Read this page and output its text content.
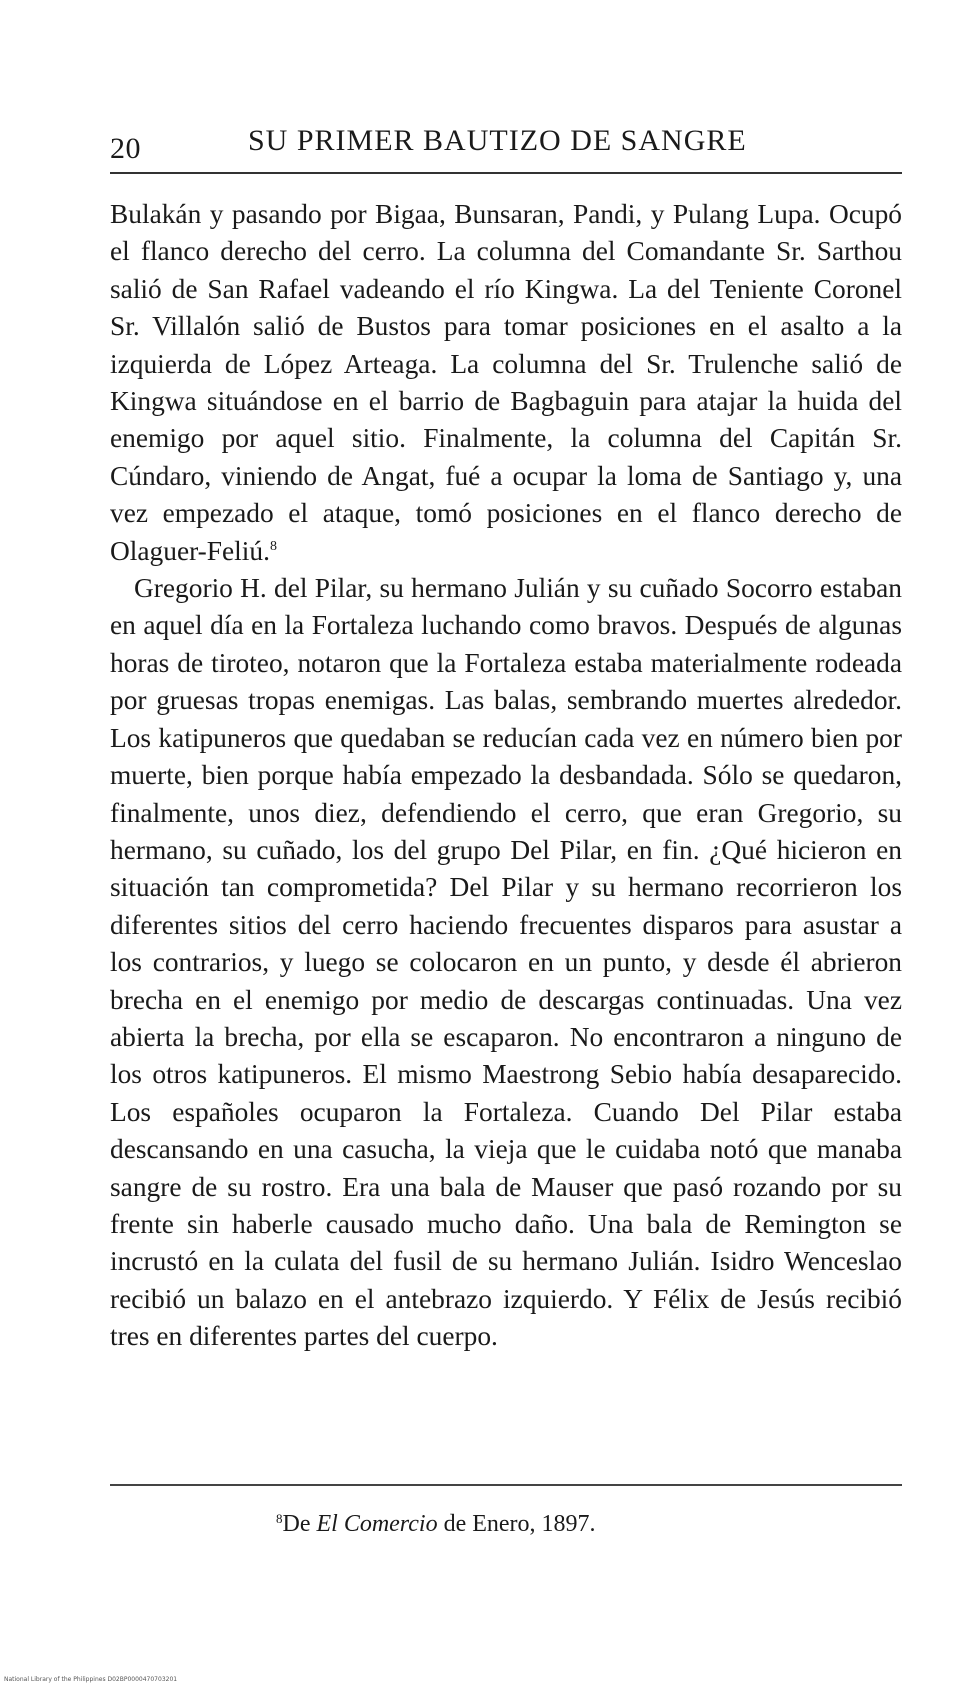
20	SU PRIMER BAUTIZO DE SANGRE

Bulakán y pasando por Bigaa, Bunsaran, Pandi, y Pulang Lupa. Ocupó el flanco derecho del cerro. La columna del Comandante Sr. Sarthou salió de San Rafael vadeando el río Kingwa. La del Teniente Coronel Sr. Villalón salió de Bustos para tomar posiciones en el asalto a la izquierda de López Arteaga. La columna del Sr. Trulenche salió de Kingwa situándose en el barrio de Bagbaguin para atajar la huida del enemigo por aquel sitio. Finalmente, la columna del Capitán Sr. Cúndaro, viniendo de Angat, fué a ocupar la loma de Santiago y, una vez empezado el ataque, tomó posiciones en el flanco derecho de Olaguer-Feliú.$^8$

Gregorio H. del Pilar, su hermano Julián y su cuñado Socorro estaban en aquel día en la Fortaleza luchando como bravos. Después de algunas horas de tiroteo, notaron que la Fortaleza estaba materialmente rodeada por gruesas tropas enemigas. Las balas, sembrando muertes alrededor. Los katipuneros que quedaban se reducían cada vez en número bien por muerte, bien porque había empezado la desbandada. Sólo se quedaron, finalmente, unos diez, defendiendo el cerro, que eran Gregorio, su hermano, su cuñado, los del grupo Del Pilar, en fin. ¿Qué hicieron en situación tan comprometida? Del Pilar y su hermano recorrieron los diferentes sitios del cerro haciendo frecuentes disparos para asustar a los contrarios, y luego se colocaron en un punto, y desde él abrieron brecha en el enemigo por medio de descargas continuadas. Una vez abierta la brecha, por ella se escaparon. No encontraron a ninguno de los otros katipuneros. El mismo Maestrong Sebio había desaparecido. Los españoles ocuparon la Fortaleza. Cuando Del Pilar estaba descansando en una casucha, la vieja que le cuidaba notó que manaba sangre de su rostro. Era una bala de Mauser que pasó rozando por su frente sin haberle causado mucho daño. Una bala de Remington se incrustó en la culata del fusil de su hermano Julián. Isidro Wenceslao recibió un balazo en el antebrazo izquierdo. Y Félix de Jesús recibió tres en diferentes partes del cuerpo.

$^8$De El Comercio de Enero, 1897.
National Library of the Philippines D02BP0000470703201
